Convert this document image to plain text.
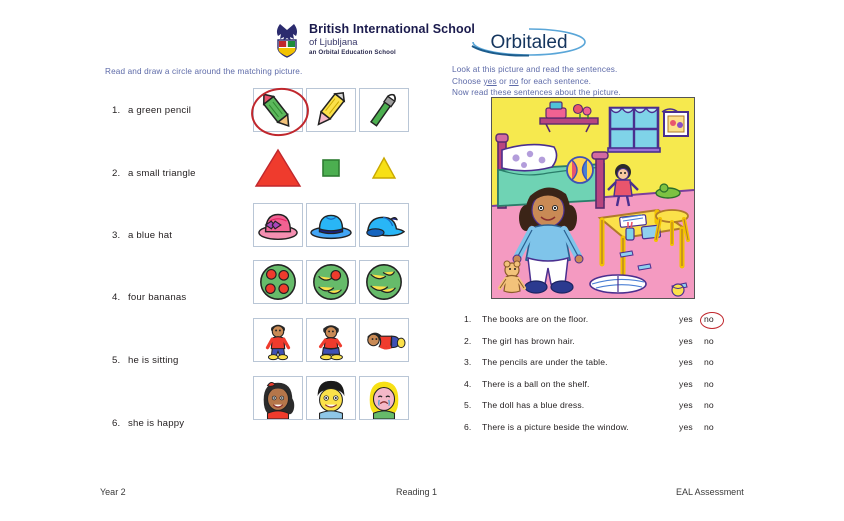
British International School
of Ljubljana
an Orbital Education School	Orbitaled
Read and draw a circle around the matching picture.	Look at this picture and read the sentences.
Choose yes or no for each sentence.
Now read these sentences about the picture.
1. a green pencil
2. a small triangle
3. a blue hat
4. four bananas
5. he is sitting
6. she is happy
1. The books are on the floor.	yes no
2. The girl has brown hair.	yes no
3. The pencils are under the table.	yes no
4. There is a ball on the shelf.	yes no
5. The doll has a blue dress.	yes no
6. There is a picture beside the window.	yes no
Year 2	Reading 1	EAL Assessment
